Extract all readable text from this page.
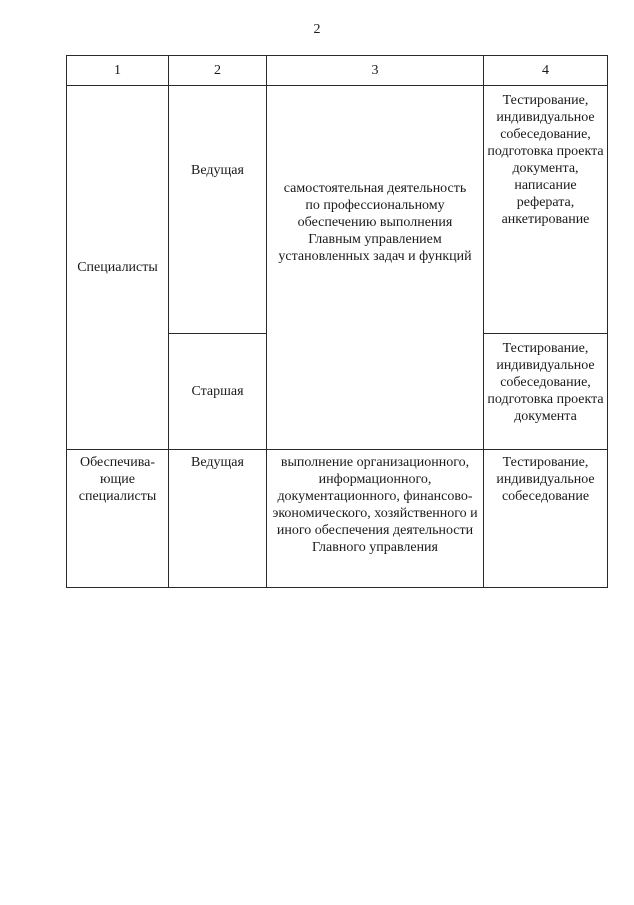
2
1	2	3	4
Специалисты	Ведущая	самостоятельная деятельность по профессиональному обеспечению выполнения Главным управлением установленных задач и функций	Тестирование, индивидуальное собеседование, подготовка проекта документа, написание реферата, анкетирование
	Старшая		Тестирование, индивидуальное собеседование, подготовка проекта документа
Обеспечива-ющие специалисты	Ведущая	выполнение организационного, информационного, документационного, финансово-экономического, хозяйственного и иного обеспечения деятельности Главного управления	Тестирование, индивидуальное собеседование
